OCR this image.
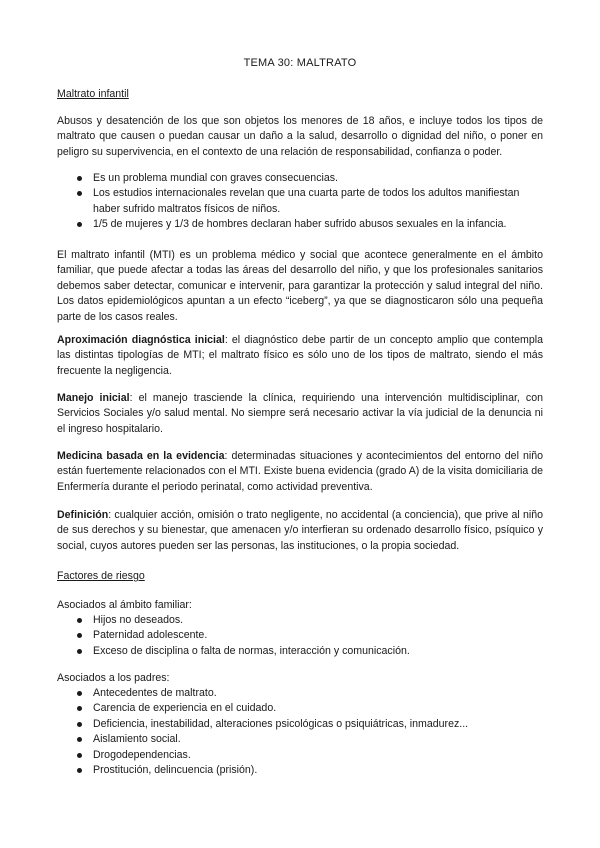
TEMA 30: MALTRATO
Maltrato infantil

Abusos y desatención de los que son objetos los menores de 18 años, e incluye todos los tipos de maltrato que causen o puedan causar un daño a la salud, desarrollo o dignidad del niño, o poner en peligro su supervivencia, en el contexto de una relación de responsabilidad, confianza o poder.

Es un problema mundial con graves consecuencias.
Los estudios internacionales revelan que una cuarta parte de todos los adultos manifiestan haber sufrido maltratos físicos de niños.
1/5 de mujeres y 1/3 de hombres declaran haber sufrido abusos sexuales en la infancia.

El maltrato infantil (MTI) es un problema médico y social que acontece generalmente en el ámbito familiar, que puede afectar a todas las áreas del desarrollo del niño, y que los profesionales sanitarios debemos saber detectar, comunicar e intervenir, para garantizar la protección y salud integral del niño. Los datos epidemiológicos apuntan a un efecto “iceberg”, ya que se diagnosticaron sólo una pequeña parte de los casos reales.

Aproximación diagnóstica inicial: el diagnóstico debe partir de un concepto amplio que contempla las distintas tipologías de MTI; el maltrato físico es sólo uno de los tipos de maltrato, siendo el más frecuente la negligencia.

Manejo inicial: el manejo trasciende la clínica, requiriendo una intervención multidisciplinar, con Servicios Sociales y/o salud mental. No siempre será necesario activar la vía judicial de la denuncia ni el ingreso hospitalario.

Medicina basada en la evidencia: determinadas situaciones y acontecimientos del entorno del niño están fuertemente relacionados con el MTI. Existe buena evidencia (grado A) de la visita domiciliaria de Enfermería durante el periodo perinatal, como actividad preventiva.

Definición: cualquier acción, omisión o trato negligente, no accidental (a conciencia), que prive al niño de sus derechos y su bienestar, que amenacen y/o interfieran su ordenado desarrollo físico, psíquico y social, cuyos autores pueden ser las personas, las instituciones, o la propia sociedad.

Factores de riesgo
Asociados al ámbito familiar:
Hijos no deseados.
Paternidad adolescente.
Exceso de disciplina o falta de normas, interacción y comunicación.
Asociados a los padres:
Antecedentes de maltrato.
Carencia de experiencia en el cuidado.
Deficiencia, inestabilidad, alteraciones psicológicas o psiquiátricas, inmadurez...
Aislamiento social.
Drogodependencias.
Prostitución, delincuencia (prisión).
